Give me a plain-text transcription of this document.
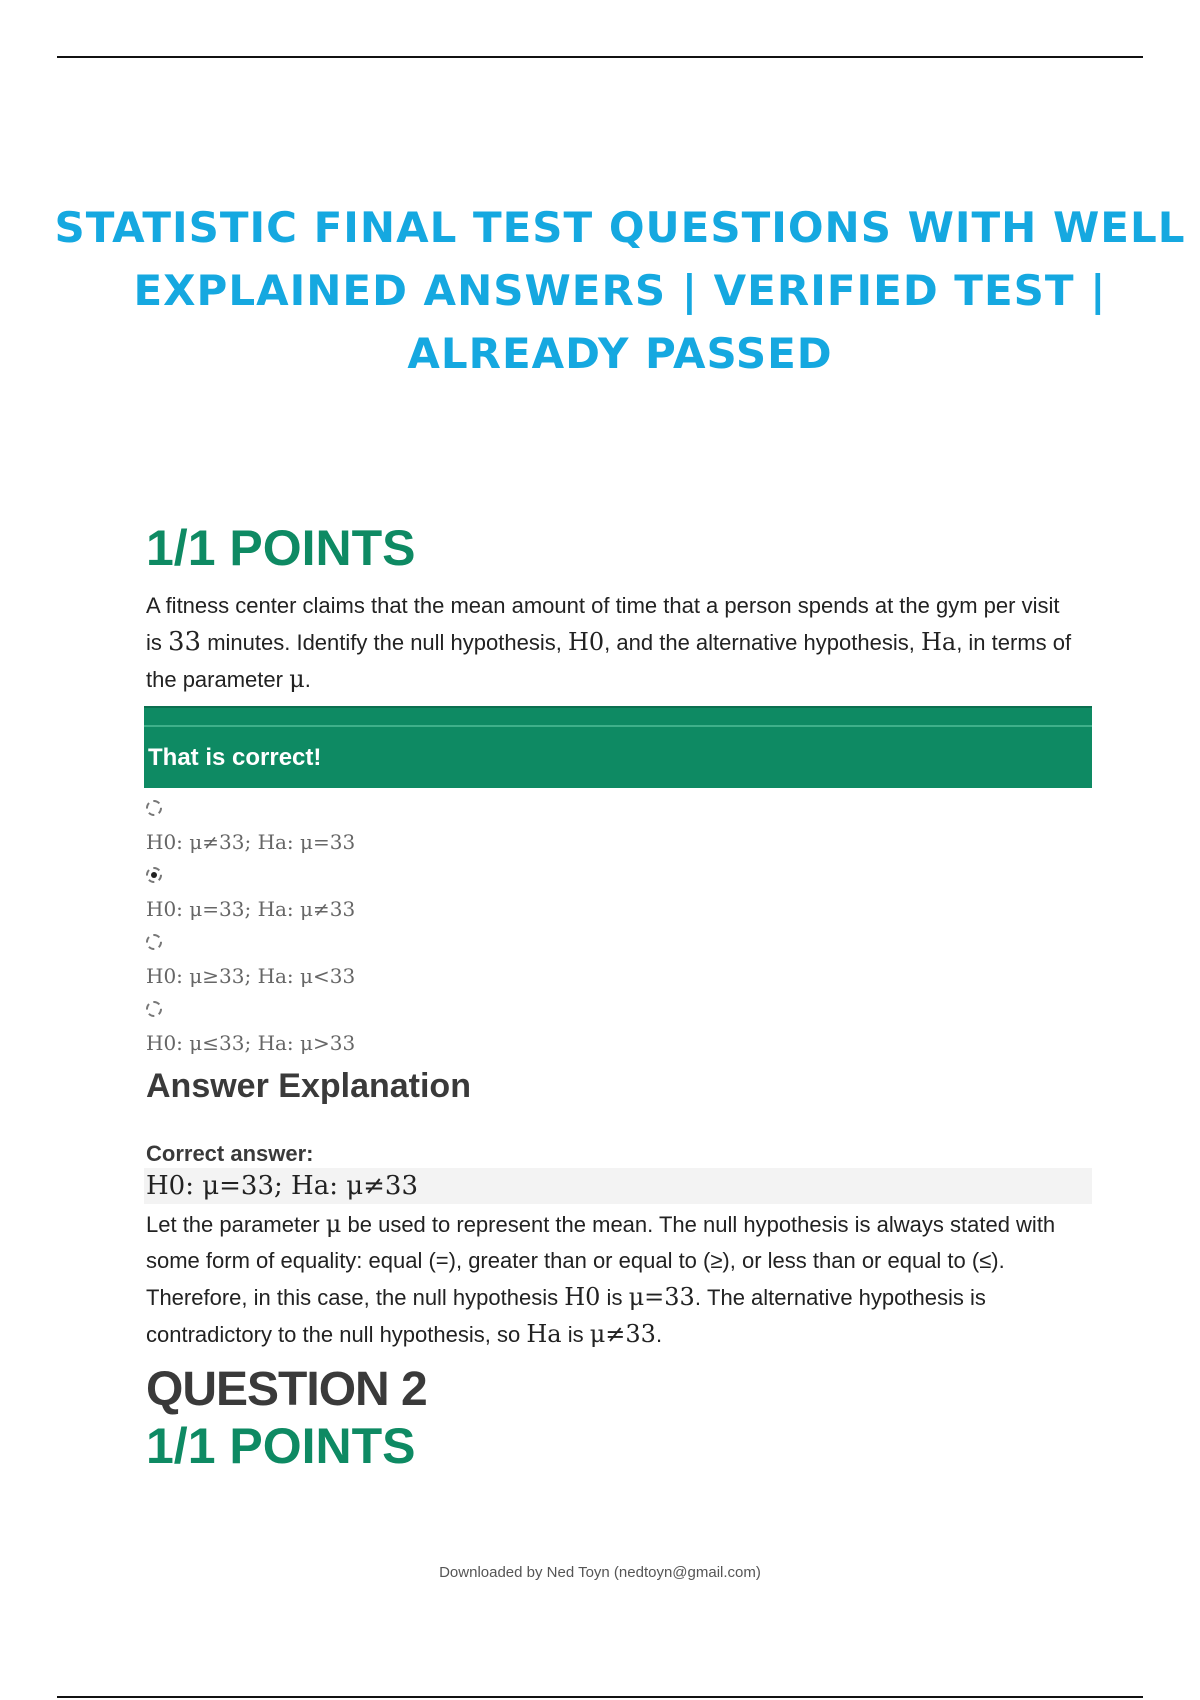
STATISTIC FINAL TEST QUESTIONS WITH WELL
EXPLAINED ANSWERS | VERIFIED TEST |
ALREADY PASSED
1/1 POINTS

A fitness center claims that the mean amount of time that a person spends at the gym per visit is 33 minutes. Identify the null hypothesis, H0, and the alternative hypothesis, Ha, in terms of the parameter μ.

That is correct!
H0: μ≠33; Ha: μ=33
H0: μ=33; Ha: μ≠33
H0: μ≥33; Ha: μ<33
H0: μ≤33; Ha: μ>33
Answer Explanation

Correct answer:

H0: μ=33; Ha: μ≠33

Let the parameter μ be used to represent the mean. The null hypothesis is always stated with some form of equality: equal (=), greater than or equal to (≥), or less than or equal to (≤). Therefore, in this case, the null hypothesis H0 is μ=33. The alternative hypothesis is contradictory to the null hypothesis, so Ha is μ≠33.

QUESTION 2
1/1 POINTS
Downloaded by Ned Toyn (nedtoyn@gmail.com)
